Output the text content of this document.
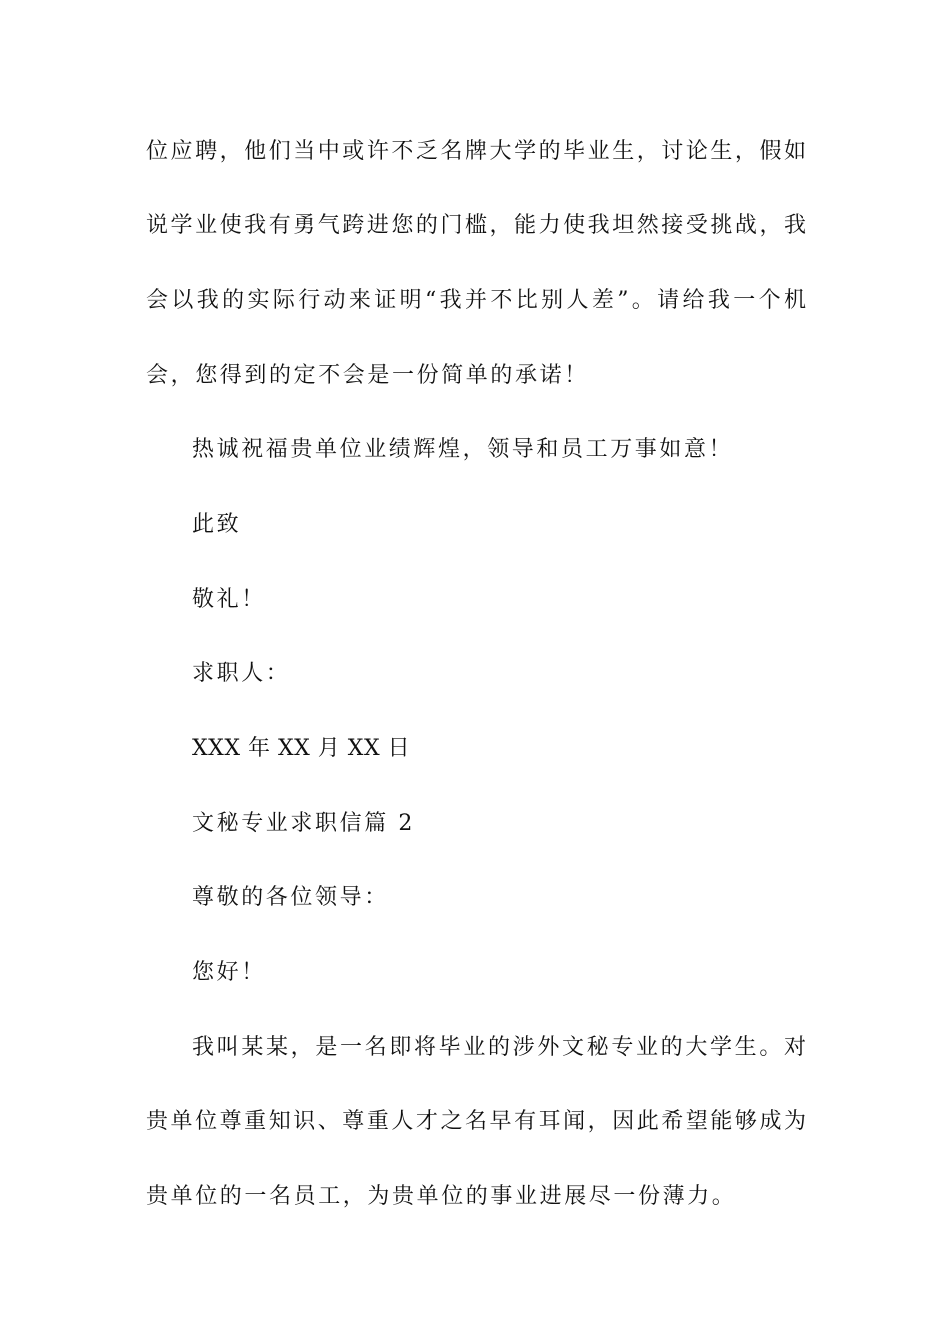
位应聘，他们当中或许不乏名牌大学的毕业生，讨论生，假如
说学业使我有勇气跨进您的门槛，能力使我坦然接受挑战，我
会以我的实际行动来证明“我并不比别人差”。请给我一个机
会，您得到的定不会是一份简单的承诺！
热诚祝福贵单位业绩辉煌，领导和员工万事如意！
此致
敬礼！
求职人：
XXX 年 XX 月 XX 日
文秘专业求职信篇 2
尊敬的各位领导：
您好！
我叫某某，是一名即将毕业的涉外文秘专业的大学生。对
贵单位尊重知识、尊重人才之名早有耳闻，因此希望能够成为
贵单位的一名员工，为贵单位的事业进展尽一份薄力。
